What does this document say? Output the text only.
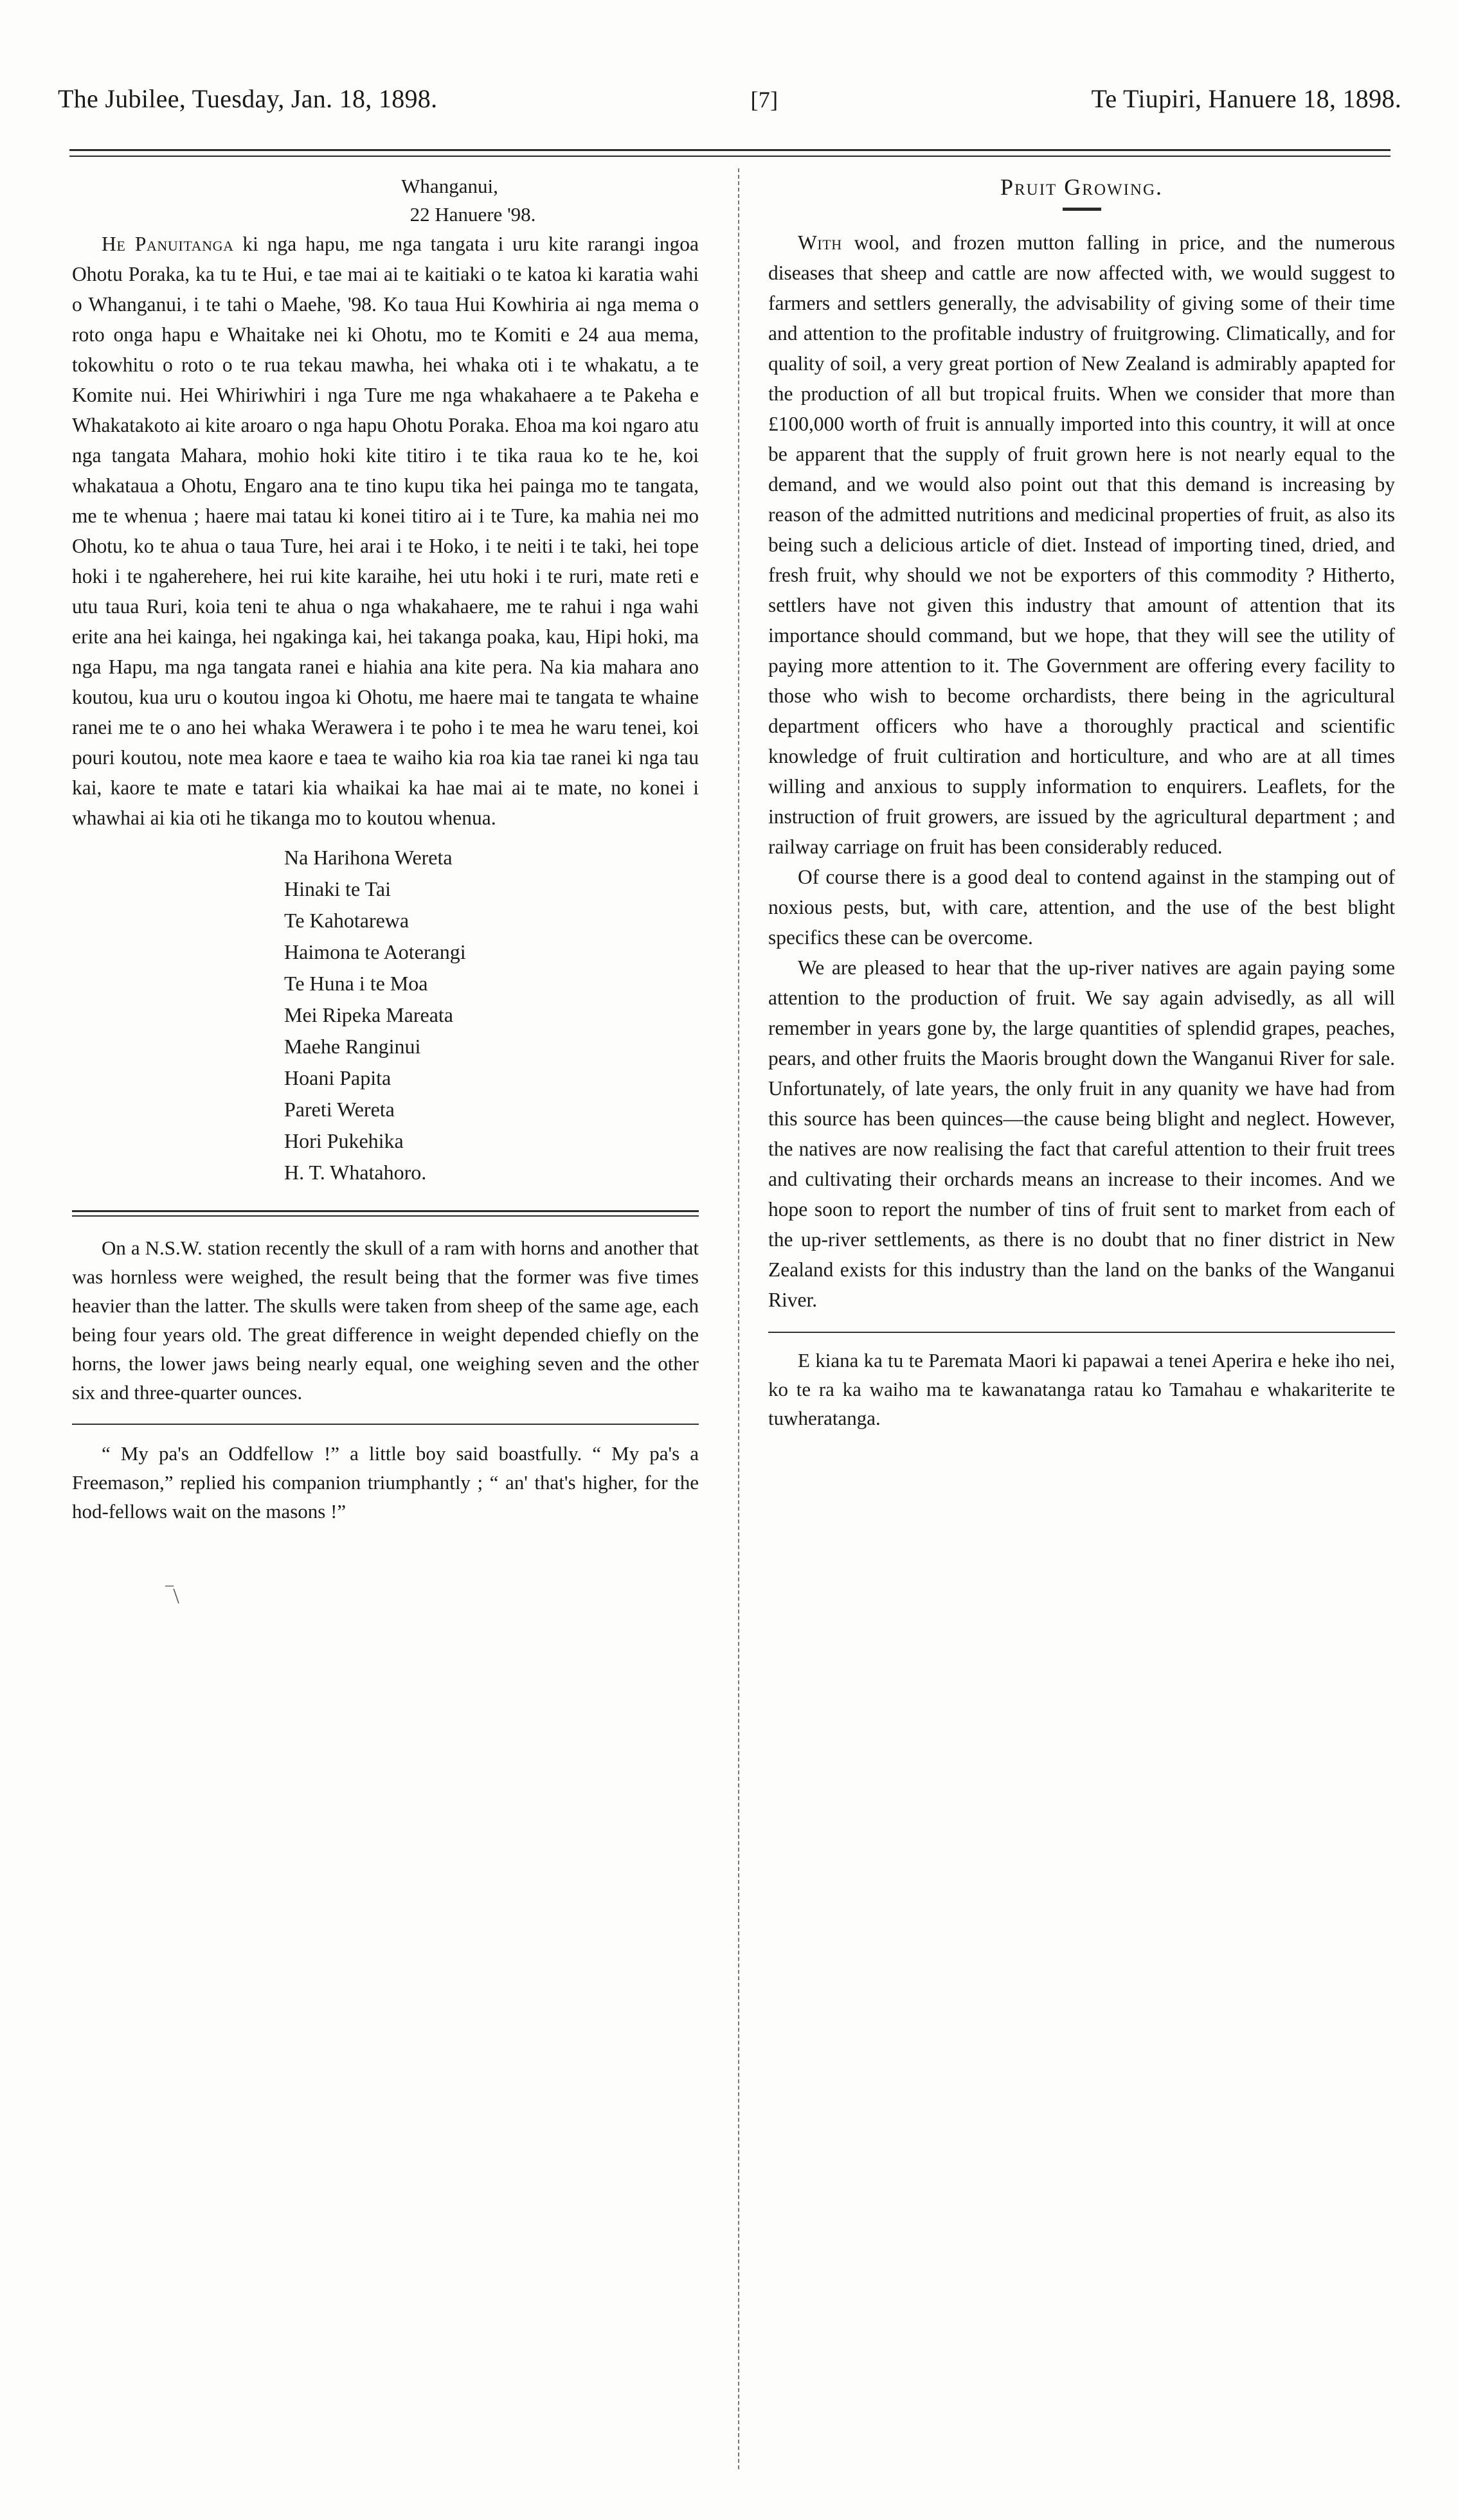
The Jubilee, Tuesday, Jan. 18, 1898.	[7]	Te Tiupiri, Hanuere 18, 1898.
Whanganui,
22 Hanuere '98.

He Panuitanga ki nga hapu, me nga tangata i uru kite rarangi ingoa Ohotu Poraka, ka tu te Hui, e tae mai ai te kaitiaki o te katoa ki karatia wahi o Whanganui, i te tahi o Maehe, '98. Ko taua Hui Kowhiria ai nga mema o roto onga hapu e Whaitake nei ki Ohotu, mo te Komiti e 24 aua mema, tokowhitu o roto o te rua tekau mawha, hei whaka oti i te whakatu, a te Komite nui. Hei Whiriwhiri i nga Ture me nga whakahaere a te Pakeha e Whakatakoto ai kite aroaro o nga hapu Ohotu Poraka. Ehoa ma koi ngaro atu nga tangata Mahara, mohio hoki kite titiro i te tika raua ko te he, koi whakataua a Ohotu, Engaro ana te tino kupu tika hei painga mo te tangata, me te whenua ; haere mai tatau ki konei titiro ai i te Ture, ka mahia nei mo Ohotu, ko te ahua o taua Ture, hei arai i te Hoko, i te neiti i te taki, hei tope hoki i te ngaherehere, hei rui kite karaihe, hei utu hoki i te ruri, mate reti e utu taua Ruri, koia teni te ahua o nga whakahaere, me te rahui i nga wahi erite ana hei kainga, hei ngakinga kai, hei takanga poaka, kau, Hipi hoki, ma nga Hapu, ma nga tangata ranei e hiahia ana kite pera. Na kia mahara ano koutou, kua uru o koutou ingoa ki Ohotu, me haere mai te tangata te whaine ranei me te o ano hei whaka Werawera i te poho i te mea he waru tenei, koi pouri koutou, note mea kaore e taea te waiho kia roa kia tae ranei ki nga tau kai, kaore te mate e tatari kia whaikai ka hae mai ai te mate, no konei i whawhai ai kia oti he tikanga mo to koutou whenua.

Na Harihona Wereta
Hinaki te Tai
Te Kahotarewa
Haimona te Aoterangi
Te Huna i te Moa
Mei Ripeka Mareata
Maehe Ranginui
Hoani Papita
Pareti Wereta
Hori Pukehika
H. T. Whatahoro.

On a N.S.W. station recently the skull of a ram with horns and another that was hornless were weighed, the result being that the former was five times heavier than the latter. The skulls were taken from sheep of the same age, each being four years old. The great difference in weight depended chiefly on the horns, the lower jaws being nearly equal, one weighing seven and the other six and three-quarter ounces.

“ My pa's an Oddfellow !” a little boy said boastfully. “ My pa's a Freemason,” replied his companion triumphantly ; “ an' that's higher, for the hod-fellows wait on the masons !”

‾\
Pruit Growing.

With wool, and frozen mutton falling in price, and the numerous diseases that sheep and cattle are now affected with, we would suggest to farmers and settlers generally, the advisability of giving some of their time and attention to the profitable industry of fruitgrowing. Climatically, and for quality of soil, a very great portion of New Zealand is admirably apapted for the production of all but tropical fruits. When we consider that more than £100,000 worth of fruit is annually imported into this country, it will at once be apparent that the supply of fruit grown here is not nearly equal to the demand, and we would also point out that this demand is increasing by reason of the admitted nutritions and medicinal properties of fruit, as also its being such a delicious article of diet. Instead of importing tined, dried, and fresh fruit, why should we not be exporters of this commodity ? Hitherto, settlers have not given this industry that amount of attention that its importance should command, but we hope, that they will see the utility of paying more attention to it. The Government are offering every facility to those who wish to become orchardists, there being in the agricultural department officers who have a thoroughly practical and scientific knowledge of fruit cultiration and horticulture, and who are at all times willing and anxious to supply information to enquirers. Leaflets, for the instruction of fruit growers, are issued by the agricultural department ; and railway carriage on fruit has been considerably reduced.

Of course there is a good deal to contend against in the stamping out of noxious pests, but, with care, attention, and the use of the best blight specifics these can be overcome.

We are pleased to hear that the up-river natives are again paying some attention to the production of fruit. We say again advisedly, as all will remember in years gone by, the large quantities of splendid grapes, peaches, pears, and other fruits the Maoris brought down the Wanganui River for sale. Unfortunately, of late years, the only fruit in any quanity we have had from this source has been quinces—the cause being blight and neglect. However, the natives are now realising the fact that careful attention to their fruit trees and cultivating their orchards means an increase to their incomes. And we hope soon to report the number of tins of fruit sent to market from each of the up-river settlements, as there is no doubt that no finer district in New Zealand exists for this industry than the land on the banks of the Wanganui River.

E kiana ka tu te Paremata Maori ki papawai a tenei Aperira e heke iho nei, ko te ra ka waiho ma te kawanatanga ratau ko Tamahau e whakariterite te tuwheratanga.
